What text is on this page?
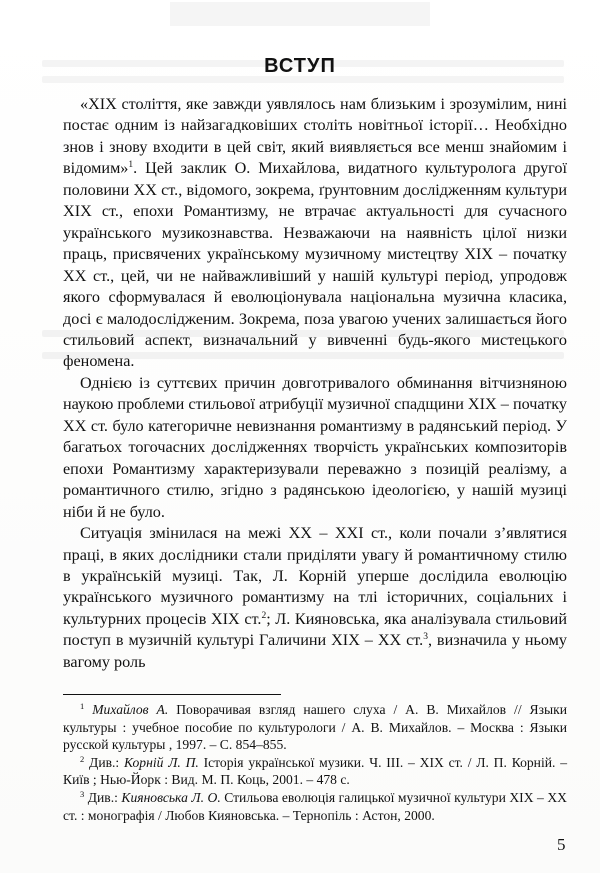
ВСТУП

«XIX століття, яке завжди уявлялось нам близьким і зрозумілим, нині постає одним із найзагадковіших століть новітньої історії… Необхідно знов і знову входити в цей світ, який виявляється все менш знайомим і відомим»$^1$. Цей заклик О. Михайлова, видатного культуролога другої половини XX ст., відомого, зокрема, ґрунтовним дослідженням культури XIX ст., епохи Романтизму, не втрачає актуальності для сучасного українського музикознавства. Незважаючи на наявність цілої низки праць, присвячених українському музичному мистецтву XIX – початку XX ст., цей, чи не найважливіший у нашій культурі період, упродовж якого сформувалася й еволюціонувала національна музична класика, досі є малодослідженим. Зокрема, поза увагою учених залишається його стильовий аспект, визначальний у вивченні будь-якого мистецького феномена.

Однією із суттєвих причин довготривалого обминання вітчизняною наукою проблеми стильової атрибуції музичної спадщини XIX – початку XX ст. було категоричне невизнання романтизму в радянський період. У багатьох тогочасних дослідженнях творчість українських композиторів епохи Романтизму характеризували переважно з позицій реалізму, а романтичного стилю, згідно з радянською ідеологією, у нашій музиці ніби й не було.

Ситуація змінилася на межі XX – XXI ст., коли почали з’являтися праці, в яких дослідники стали приділяти увагу й романтичному стилю в українській музиці. Так, Л. Корній уперше дослідила еволюцію українського музичного романтизму на тлі історичних, соціальних і культурних процесів XIX ст.$^2$; Л. Кияновська, яка аналізувала стильовий поступ в музичній культурі Галичини XIX – XX ст.$^3$, визначила у ньому вагому роль

$^1$ Михайлов А. Поворачивая взгляд нашего слуха / А. В. Михайлов // Языки культуры : учебное пособие по культурологи / А. В. Михайлов. – Москва : Языки русской культуры , 1997. – С. 854–855.

$^2$ Див.: Корній Л. П. Історія української музики. Ч. ІІІ. – XIX ст. / Л. П. Корній. – Київ ; Нью-Йорк : Вид. М. П. Коць, 2001. – 478 с.

$^3$ Див.: Кияновська Л. О. Стильова еволюція галицької музичної культури XIX – XX ст. : монографія / Любов Кияновська. – Тернопіль : Астон, 2000.

5
